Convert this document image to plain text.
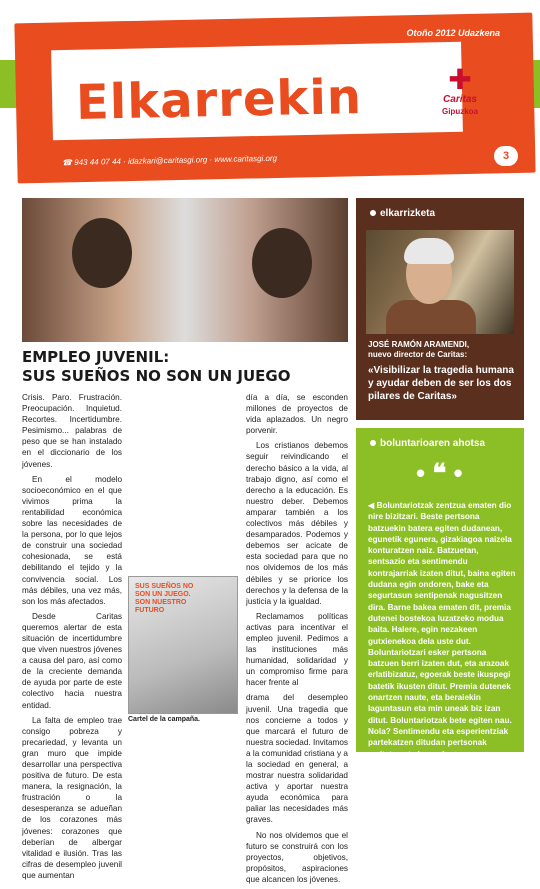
Otoño 2012 Udazkena
Elkarrekin	✚
Caritas
Gipuzkoa
☎ 943 44 07 44 · idazkari@caritasgi.org · www.caritasgi.org	3
EMPLEO JUVENIL:
SUS SUEÑOS NO SON UN JUEGO

Crisis. Paro. Frustración. Preocupación. Inquietud. Recortes. Incertidumbre. Pesimismo... palabras de peso que se han instalado en el diccionario de los jóvenes.

En el modelo socioeconómico en el que vivimos prima la rentabilidad económica sobre las necesidades de la persona, por lo que lejos de construir una sociedad cohesionada, se está debilitando el tejido y la convivencia social. Los más débiles, una vez más, son los más afectados.

Desde Caritas queremos alertar de esta situación de incertidumbre que viven nuestros jóvenes a causa del paro, así como de la creciente demanda de ayuda por parte de este colectivo hacia nuestra entidad.

La falta de empleo trae consigo pobreza y precariedad, y levanta un gran muro que impide desarrollar una perspectiva positiva de futuro. De esta manera, la resignación, la frustración o la desesperanza se adueñan de los corazones más jóvenes: corazones que deberían de albergar vitalidad e ilusión. Tras las cifras de desempleo juvenil que aumentan

día a día, se esconden millones de proyectos de vida aplazados. Un negro porvenir.

Los cristianos debemos seguir reivindicando el derecho básico a la vida, al trabajo digno, así como el derecho a la educación. Es nuestro deber. Debemos amparar también a los colectivos más débiles y desamparados. Podemos y debemos ser acicate de esta sociedad para que no nos olvidemos de los más débiles y se priorice los derechos y la defensa de la justicia y la igualdad.

Reclamamos políticas activas para incentivar el empleo juvenil. Pedimos a las instituciones más humanidad, solidaridad y un compromiso firme para hacer frente al

drama del desempleo juvenil. Una tragedia que nos concierne a todos y que marcará el futuro de nuestra sociedad. Invitamos a la comunidad cristiana y a la sociedad en general, a mostrar nuestra solidaridad activa y aportar nuestra ayuda económica para paliar las necesidades más graves.

No nos olvidemos que el futuro se construirá con los proyectos, objetivos, propósitos, aspiraciones que alcancen los jóvenes.

SUS SUEÑOS NO SON UN JUEGO. SON NUESTRO FUTURO
Cartel de la campaña.
elkarrizketa
JOSÉ RAMÓN ARAMENDI,
nuevo director de Caritas:
«Visibilizar la tragedia humana y ayudar deben de ser los dos pilares de Caritas»
boluntarioaren ahotsa
• ❝ •
◀ Boluntariotzak zentzua ematen dio nire bizitzari. Beste pertsona batzuekin batera egiten dudanean, egunetik egunera, gizakiagoa naizela konturatzen naiz. Batzuetan, sentsazio eta sentimendu kontrajarriak izaten ditut, baina egiten dudana egin ondoren, bake eta segurtasun sentipenak nagusitzen dira. Barne bakea ematen dit, premia dutenei bostekoa luzatzeko modua baita. Halere, egin nezakeen gutxienekoa dela uste dut. Boluntariotzari esker pertsona batzuen berri izaten dut, eta arazoak erlatibizatuz, egoerak beste ikuspegi batetik ikusten ditut. Premia dutenek onartzen naute, eta beraiekin laguntasun eta min uneak biz izan ditut. Boluntariotzak bete egiten nau. Nola? Sentimendu eta esperientziak partekatzen ditudan pertsonak maitatuz eta lagunduz ▶.
